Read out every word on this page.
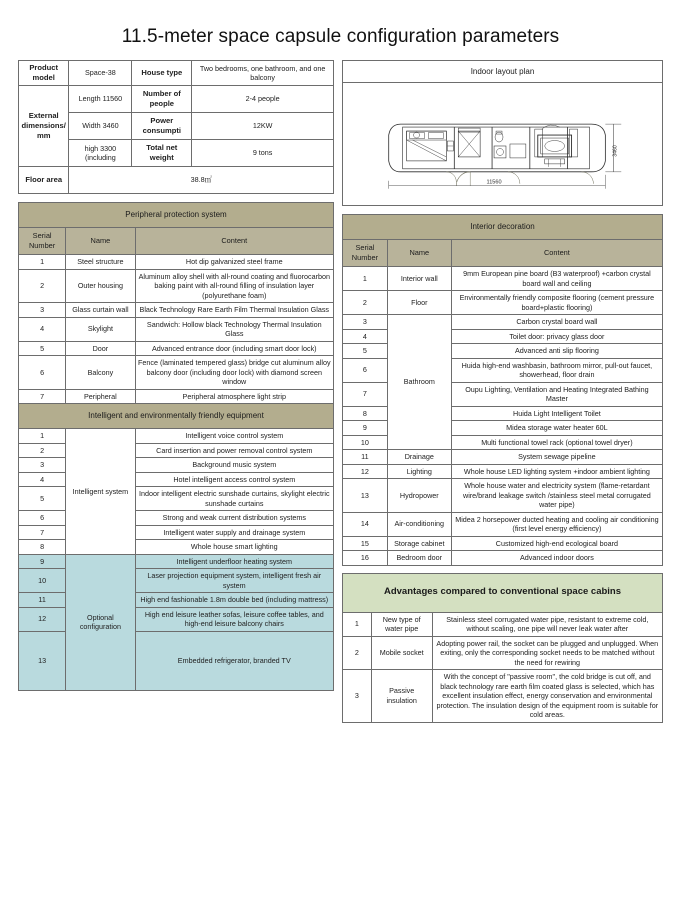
11.5-meter space capsule configuration parameters
Product model	Space-38	House type	Two bedrooms, one bathroom, and one balcony
External dimensions/mm	Length 11560	Number of people	2-4 people
	Width 3460	Power consumpti	12KW
	high 3300 (including	Total net weight	9 tons
Floor area	38.8㎡		
Peripheral protection system		
Serial Number	Name	Content
1	Steel structure	Hot dip galvanized steel frame
2	Outer housing	Aluminum alloy shell with all-round coating and fluorocarbon baking paint with all-round filling of insulation layer (polyurethane foam)
3	Glass curtain wall	Black Technology Rare Earth Film Thermal Insulation Glass
4	Skylight	Sandwich: Hollow black Technology Thermal Insulation Glass
5	Door	Advanced entrance door (including smart door lock)
6	Balcony	Fence (laminated tempered glass) bridge cut aluminum alloy balcony door (including door lock) with diamond screen window
7	Peripheral	Peripheral atmosphere light strip
Intelligent and environmentally friendly equipment		
1	Intelligent system	Intelligent voice control system
2		Card insertion and power removal control system
3		Background music system
4		Hotel intelligent access control system
5		Indoor intelligent electric sunshade curtains, skylight electric sunshade curtains
6		Strong and weak current distribution systems
7		Intelligent water supply and drainage system
8		Whole house smart lighting
9	Optional configuration	Intelligent underfloor heating system
10		Laser projection equipment system, intelligent fresh air system
11		High end fashionable 1.8m double bed (including mattress)
12		High end leisure leather sofas, leisure coffee tables, and high-end leisure balcony chairs
13		Embedded refrigerator, branded TV
Indoor layout plan
3460
11560
Interior decoration		
Serial Number	Name	Content
1	Interior wall	9mm European pine board (B3 waterproof) +carbon crystal board wall and ceiling
2	Floor	Environmentally friendly composite flooring (cement pressure board+plastic flooring)
3	Bathroom	Carbon crystal board wall
4		Toilet door: privacy glass door
5		Advanced anti slip flooring
6		Huida high-end washbasin, bathroom mirror, pull-out faucet, showerhead, floor drain
7		Oupu Lighting, Ventilation and Heating Integrated Bathing Master
8		Huida Light Intelligent Toilet
9		Midea storage water heater 60L
10		Multi functional towel rack (optional towel dryer)
11	Drainage	System sewage pipeline
12	Lighting	Whole house LED lighting system +indoor ambient lighting
13	Hydropower	Whole house water and electricity system (flame-retardant wire/brand leakage switch /stainless steel metal corrugated water pipe)
14	Air-conditioning	Midea 2 horsepower ducted heating and cooling air conditioning (first level energy efficiency)
15	Storage cabinet	Customized high-end ecological board
16	Bedroom door	Advanced indoor doors
Advantages compared to conventional space cabins		
1	New type of water pipe	Stainless steel corrugated water pipe, resistant to extreme cold, without scaling, one pipe will never leak water after
2	Mobile socket	Adopting power rail, the socket can be plugged and unplugged. When exiting, only the corresponding socket needs to be matched without the need for rewiring
3	Passive insulation	With the concept of "passive room", the cold bridge is cut off, and black technology rare earth film coated glass is selected, which has excellent insulation effect, energy conservation and environmental protection. The insulation design of the equipment room is suitable for cold areas.
